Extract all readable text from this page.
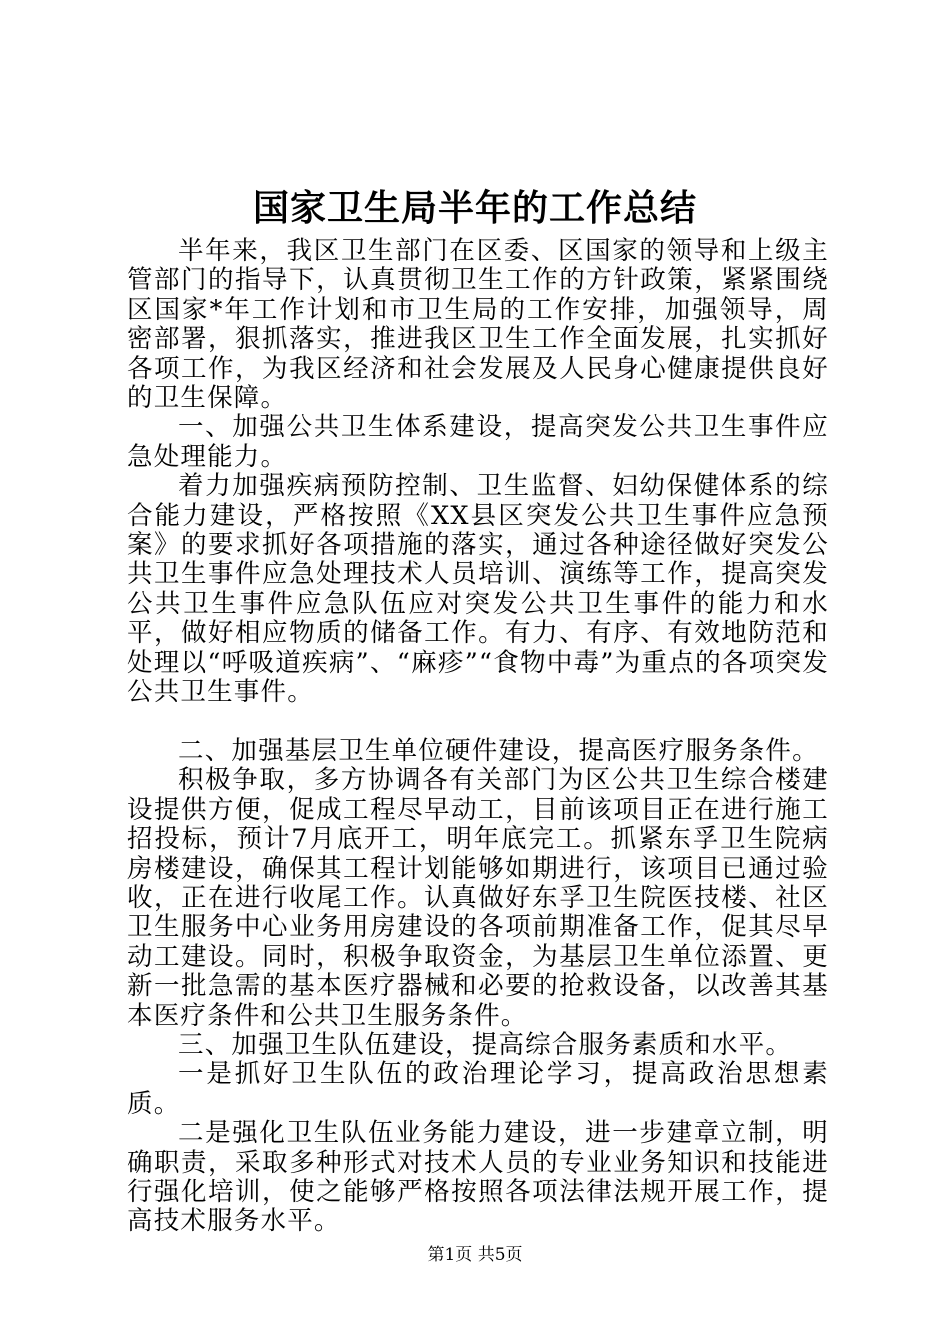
国家卫生局半年的工作总结

半年来，我区卫生部门在区委、区国家的领导和上级主管部门的指导下，认真贯彻卫生工作的方针政策，紧紧围绕区国家*年工作计划和市卫生局的工作安排，加强领导，周密部署，狠抓落实，推进我区卫生工作全面发展，扎实抓好各项工作，为我区经济和社会发展及人民身心健康提供良好的卫生保障。

一、加强公共卫生体系建设，提高突发公共卫生事件应急处理能力。

着力加强疾病预防控制、卫生监督、妇幼保健体系的综合能力建设，严格按照《XX县区突发公共卫生事件应急预案》的要求抓好各项措施的落实，通过各种途径做好突发公共卫生事件应急处理技术人员培训、演练等工作，提高突发公共卫生事件应急队伍应对突发公共卫生事件的能力和水平，做好相应物质的储备工作。有力、有序、有效地防范和处理以“呼吸道疾病”、“麻疹”“食物中毒”为重点的各项突发公共卫生事件。

二、加强基层卫生单位硬件建设，提高医疗服务条件。

积极争取，多方协调各有关部门为区公共卫生综合楼建设提供方便，促成工程尽早动工，目前该项目正在进行施工招投标，预计7月底开工，明年底完工。抓紧东孚卫生院病房楼建设，确保其工程计划能够如期进行，该项目已通过验收，正在进行收尾工作。认真做好东孚卫生院医技楼、社区卫生服务中心业务用房建设的各项前期准备工作，促其尽早动工建设。同时，积极争取资金，为基层卫生单位添置、更新一批急需的基本医疗器械和必要的抢救设备，以改善其基本医疗条件和公共卫生服务条件。

三、加强卫生队伍建设，提高综合服务素质和水平。

一是抓好卫生队伍的政治理论学习，提高政治思想素质。

二是强化卫生队伍业务能力建设，进一步建章立制，明确职责，采取多种形式对技术人员的专业业务知识和技能进行强化培训，使之能够严格按照各项法律法规开展工作，提高技术服务水平。

第1页 共5页
